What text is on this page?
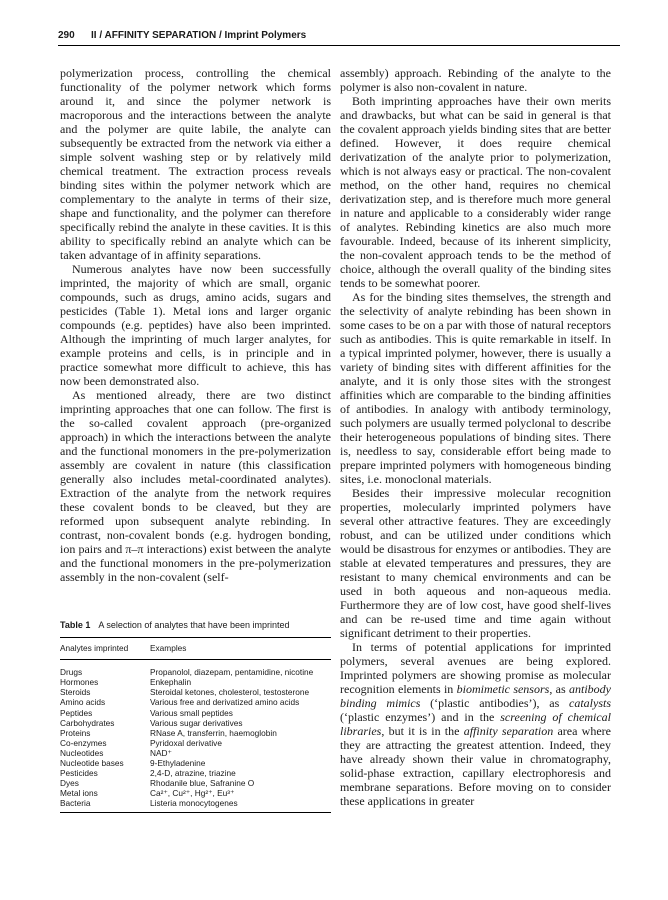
290 II / AFFINITY SEPARATION / Imprint Polymers

polymerization process, controlling the chemical functionality of the polymer network which forms around it, and since the polymer network is macroporous and the interactions between the analyte and the polymer are quite labile, the analyte can subsequently be extracted from the network via either a simple solvent washing step or by relatively mild chemical treatment. The extraction process reveals binding sites within the polymer network which are complementary to the analyte in terms of their size, shape and functionality, and the polymer can therefore specifically rebind the analyte in these cavities. It is this ability to specifically rebind an analyte which can be taken advantage of in affinity separations.

Numerous analytes have now been successfully imprinted, the majority of which are small, organic compounds, such as drugs, amino acids, sugars and pesticides (Table 1). Metal ions and larger organic compounds (e.g. peptides) have also been imprinted. Although the imprinting of much larger analytes, for example proteins and cells, is in principle and in practice somewhat more difficult to achieve, this has now been demonstrated also.

As mentioned already, there are two distinct imprinting approaches that one can follow. The first is the so-called covalent approach (pre-organized approach) in which the interactions between the analyte and the functional monomers in the pre-polymerization assembly are covalent in nature (this classification generally also includes metal-coordinated analytes). Extraction of the analyte from the network requires these covalent bonds to be cleaved, but they are reformed upon subsequent analyte rebinding. In contrast, non-covalent bonds (e.g. hydrogen bonding, ion pairs and π–π interactions) exist between the analyte and the functional monomers in the pre-polymerization assembly in the non-covalent (self-

Table 1 A selection of analytes that have been imprinted

Analytes imprinted	Examples
Drugs	Propanolol, diazepam, pentamidine, nicotine
Hormones	Enkephalin
Steroids	Steroidal ketones, cholesterol, testosterone
Amino acids	Various free and derivatized amino acids
Peptides	Various small peptides
Carbohydrates	Various sugar derivatives
Proteins	RNase A, transferrin, haemoglobin
Co-enzymes	Pyridoxal derivative
Nucleotides	NAD⁺
Nucleotide bases	9-Ethyladenine
Pesticides	2,4-D, atrazine, triazine
Dyes	Rhodanile blue, Safranine O
Metal ions	Ca²⁺, Cu²⁺, Hg²⁺, Eu³⁺
Bacteria	Listeria monocytogenes

assembly) approach. Rebinding of the analyte to the polymer is also non-covalent in nature.

Both imprinting approaches have their own merits and drawbacks, but what can be said in general is that the covalent approach yields binding sites that are better defined. However, it does require chemical derivatization of the analyte prior to polymerization, which is not always easy or practical. The non-covalent method, on the other hand, requires no chemical derivatization step, and is therefore much more general in nature and applicable to a considerably wider range of analytes. Rebinding kinetics are also much more favourable. Indeed, because of its inherent simplicity, the non-covalent approach tends to be the method of choice, although the overall quality of the binding sites tends to be somewhat poorer.

As for the binding sites themselves, the strength and the selectivity of analyte rebinding has been shown in some cases to be on a par with those of natural receptors such as antibodies. This is quite remarkable in itself. In a typical imprinted polymer, however, there is usually a variety of binding sites with different affinities for the analyte, and it is only those sites with the strongest affinities which are comparable to the binding affinities of antibodies. In analogy with antibody terminology, such polymers are usually termed polyclonal to describe their heterogeneous populations of binding sites. There is, needless to say, considerable effort being made to prepare imprinted polymers with homogeneous binding sites, i.e. monoclonal materials.

Besides their impressive molecular recognition properties, molecularly imprinted polymers have several other attractive features. They are exceedingly robust, and can be utilized under conditions which would be disastrous for enzymes or antibodies. They are stable at elevated temperatures and pressures, they are resistant to many chemical environments and can be used in both aqueous and non-aqueous media. Furthermore they are of low cost, have good shelf-lives and can be re-used time and time again without significant detriment to their properties.

In terms of potential applications for imprinted polymers, several avenues are being explored. Imprinted polymers are showing promise as molecular recognition elements in biomimetic sensors, as antibody binding mimics (‘plastic antibodies’), as catalysts (‘plastic enzymes’) and in the screening of chemical libraries, but it is in the affinity separation area where they are attracting the greatest attention. Indeed, they have already shown their value in chromatography, solid-phase extraction, capillary electrophoresis and membrane separations. Before moving on to consider these applications in greater
